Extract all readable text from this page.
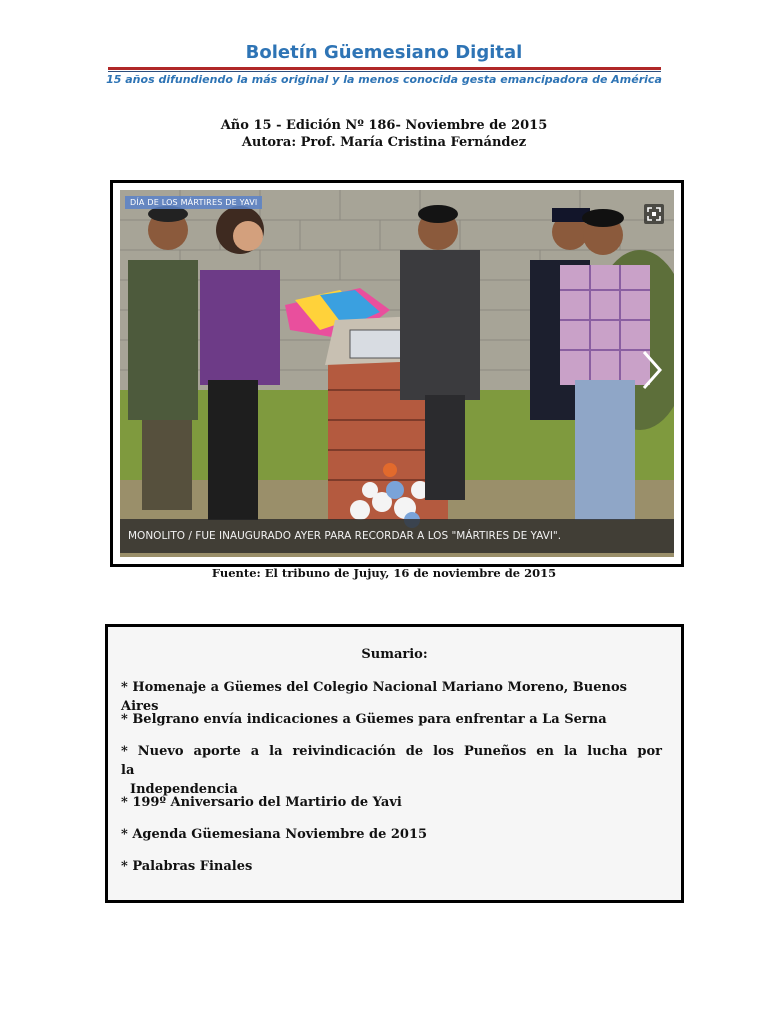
Boletín Güemesiano Digital
15 años difundiendo la más original y la menos conocida gesta emancipadora de América
Año 15 - Edición Nº 186- Noviembre de 2015
Autora: Prof. María Cristina Fernández
DÍA DE LOS MÁRTIRES DE YAVI
MONOLITO / FUE INAUGURADO AYER PARA RECORDAR A LOS "MÁRTIRES DE YAVI".
Fuente: El tribuno de Jujuy, 16 de noviembre de 2015
Sumario:
* Homenaje a Güemes del Colegio Nacional Mariano Moreno, Buenos Aires
* Belgrano envía indicaciones a Güemes para enfrentar a La Serna
* Nuevo aporte a la reivindicación de los Puneños en la lucha por la
Independencia
* 199º Aniversario del Martirio de Yavi
* Agenda Güemesiana Noviembre de 2015
* Palabras Finales
